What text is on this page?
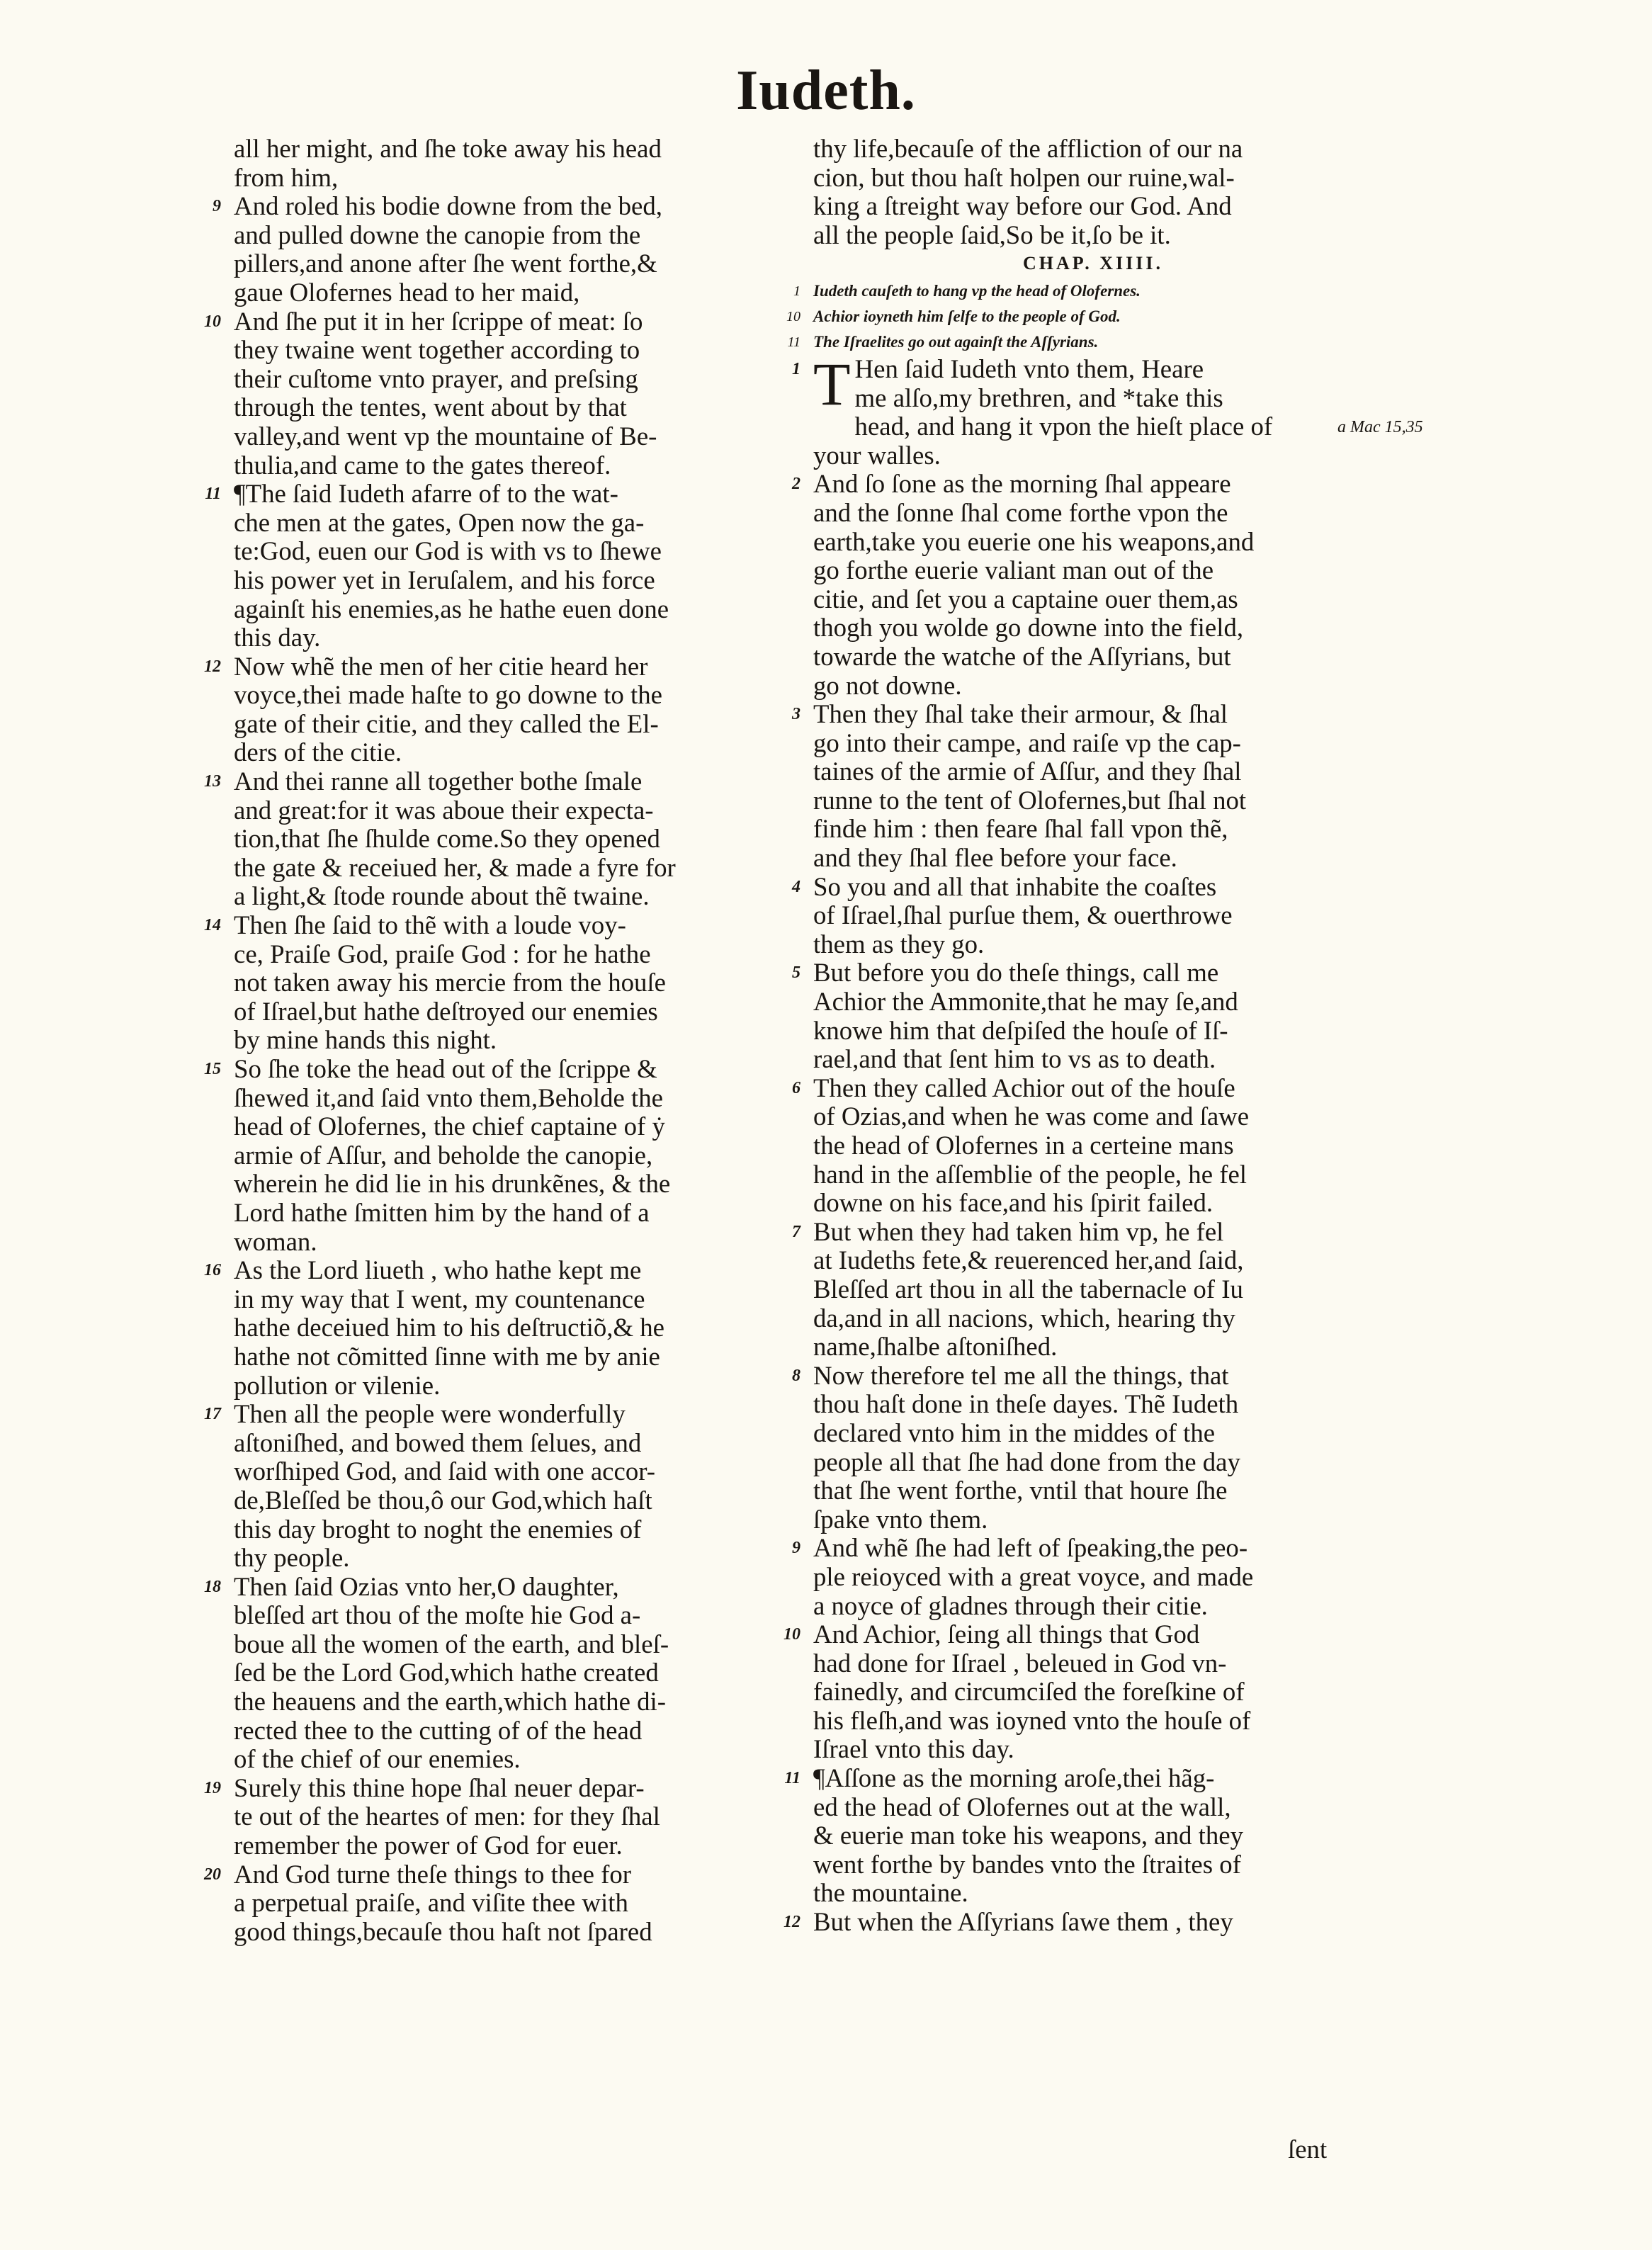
Iudeth.
all her might, and ſhe toke away his head
from him,
9 And roled his bodie downe from the bed,
and pulled downe the canopie from the
pillers,and anone after ſhe went forthe,&
gaue Olofernes head to her maid,
10 And ſhe put it in her ſcrippe of meat: ſo
they twaine went together according to
their cuſtome vnto prayer, and preſsing
through the tentes, went about by that
valley,and went vp the mountaine of Be-
thulia,and came to the gates thereof.
11 ¶The ſaid Iudeth afarre of to the wat-
che men at the gates, Open now the ga-
te:God, euen our God is with vs to ſhewe
his power yet in Ieruſalem, and his force
againſt his enemies,as he hathe euen done
this day.
12 Now whẽ the men of her citie heard her
voyce,thei made haſte to go downe to the
gate of their citie, and they called the El-
ders of the citie.
13 And thei ranne all together bothe ſmale
and great:for it was aboue their expecta-
tion,that ſhe ſhulde come.So they opened
the gate & receiued her, & made a fyre for
a light,& ſtode rounde about thẽ twaine.
14 Then ſhe ſaid to thẽ with a loude voy-
ce, Praiſe God, praiſe God : for he hathe
not taken away his mercie from the houſe
of Iſrael,but hathe deſtroyed our enemies
by mine hands this night.
15 So ſhe toke the head out of the ſcrippe &
ſhewed it,and ſaid vnto them,Beholde the
head of Olofernes, the chief captaine of ẏ
armie of Aſſur, and beholde the canopie,
wherein he did lie in his drunkẽnes, & the
Lord hathe ſmitten him by the hand of a
woman.
16 As the Lord liueth , who hathe kept me
in my way that I went, my countenance
hathe deceiued him to his deſtructiõ,& he
hathe not cõmitted ſinne with me by anie
pollution or vilenie.
17 Then all the people were wonderfully
aſtoniſhed, and bowed them ſelues, and
worſhiped God, and ſaid with one accor-
de,Bleſſed be thou,ô our God,which haſt
this day broght to noght the enemies of
thy people.
18 Then ſaid Ozias vnto her,O daughter,
bleſſed art thou of the moſte hie God a-
boue all the women of the earth, and bleſ-
ſed be the Lord God,which hathe created
the heauens and the earth,which hathe di-
rected thee to the cutting of of the head
of the chief of our enemies.
19 Surely this thine hope ſhal neuer depar-
te out of the heartes of men: for they ſhal
remember the power of God for euer.
20 And God turne theſe things to thee for
a perpetual praiſe, and viſite thee with
good things,becauſe thou haſt not ſpared
thy life,becauſe of the affliction of our na
cion, but thou haſt holpen our ruine,wal-
king a ſtreight way before our God. And
all the people ſaid,So be it,ſo be it.
CHAP. XIIII.
1 Iudeth cauſeth to hang vp the head of Olofernes.
10 Achior ioyneth him ſelfe to the people of God.
11 The Iſraelites go out againſt the Aſſyrians.
1 T Hen ſaid Iudeth vnto them, Heare
me alſo,my brethren, and *take this
head, and hang it vpon the hieſt place of
your walles.
2 And ſo ſone as the morning ſhal appeare
and the ſonne ſhal come forthe vpon the
earth,take you euerie one his weapons,and
go forthe euerie valiant man out of the
citie, and ſet you a captaine ouer them,as
thogh you wolde go downe into the field,
towarde the watche of the Aſſyrians, but
go not downe.
3 Then they ſhal take their armour, & ſhal
go into their campe, and raiſe vp the cap-
taines of the armie of Aſſur, and they ſhal
runne to the tent of Olofernes,but ſhal not
finde him : then feare ſhal fall vpon thẽ,
and they ſhal flee before your face.
4 So you and all that inhabite the coaſtes
of Iſrael,ſhal purſue them, & ouerthrowe
them as they go.
5 But before you do theſe things, call me
Achior the Ammonite,that he may ſe,and
knowe him that deſpiſed the houſe of Iſ-
rael,and that ſent him to vs as to death.
6 Then they called Achior out of the houſe
of Ozias,and when he was come and ſawe
the head of Olofernes in a certeine mans
hand in the aſſemblie of the people, he fel
downe on his face,and his ſpirit failed.
7 But when they had taken him vp, he fel
at Iudeths fete,& reuerenced her,and ſaid,
Bleſſed art thou in all the tabernacle of Iu
da,and in all nacions, which, hearing thy
name,ſhalbe aſtoniſhed.
8 Now therefore tel me all the things, that
thou haſt done in theſe dayes. Thẽ Iudeth
declared vnto him in the middes of the
people all that ſhe had done from the day
that ſhe went forthe, vntil that houre ſhe
ſpake vnto them.
9 And whẽ ſhe had left of ſpeaking,the peo-
ple reioyced with a great voyce, and made
a noyce of gladnes through their citie.
10 And Achior, ſeing all things that God
had done for Iſrael , beleued in God vn-
fainedly, and circumciſed the foreſkine of
his fleſh,and was ioyned vnto the houſe of
Iſrael vnto this day.
11 ¶Aſſone as the morning aroſe,thei hãg-
ed the head of Olofernes out at the wall,
& euerie man toke his weapons, and they
went forthe by bandes vnto the ſtraites of
the mountaine.
12 But when the Aſſyrians ſawe them , they
a Mac 15,35
ſent
